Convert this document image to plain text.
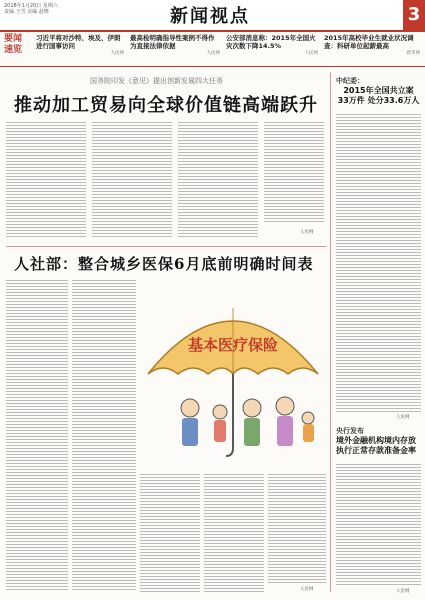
2018年1月20日 星期六
责编 王雪 美编 赵晓	新闻视点	3
要闻速览
习近平将对沙特、埃及、伊朗进行国事访问
人民网
最高检明确指导性案例不得作为直接法律依据
人民网
公安部消息称：2015年全国火灾次数下降14.5%
人民网
2015年高校毕业生就业状况调查：科研单位起薪最高
新华网
国务院印发《意见》提出创新发展四大任务
推动加工贸易向全球价值链高端跃升
人民网
中纪委：
2015年全国共立案
33万件 处分33.6万人
人民网
人社部：整合城乡医保6月底前明确时间表
人民网
基本医疗保险
央行发布
境外金融机构境内存放
执行正常存款准备金率
人民网
